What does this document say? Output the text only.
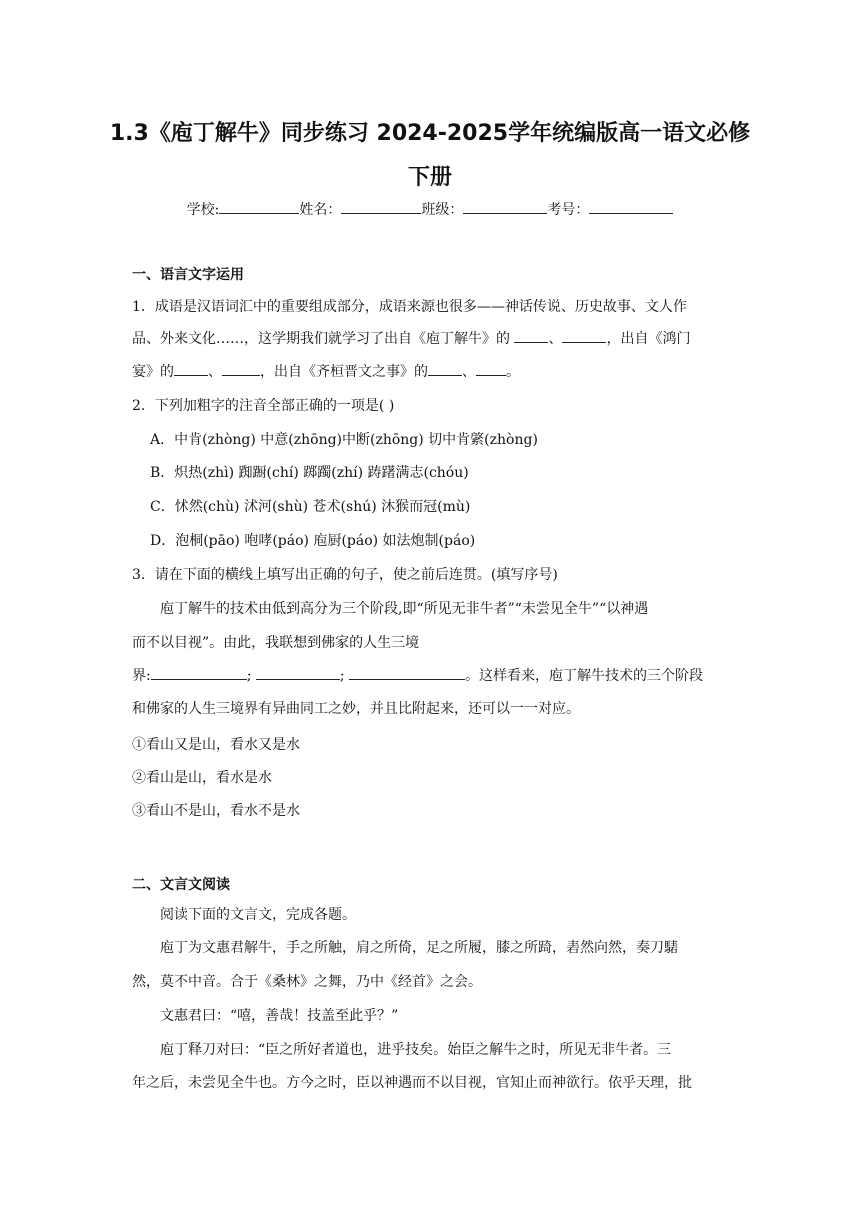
1.3《庖丁解牛》同步练习 2024-2025学年统编版高一语文必修
下册
学校:	姓名：	班级：	考号：
一、语言文字运用
1．成语是汉语词汇中的重要组成部分，成语来源也很多——神话传说、历史故事、文人作
品、外来文化……，这学期我们就学习了出自《庖丁解牛》的 、	，出自《鸿门
宴》的 、	，出自《齐桓晋文之事》的 、 。
2．下列加粗字的注音全部正确的一项是( )
A．中肯(zhòng) 中意(zhōng)中断(zhōng) 切中肯綮(zhòng)
B．炽热(zhì) 踟蹰(chí) 踯躅(zhí) 踌躇满志(chóu)
C．怵然(chù) 沭河(shù) 苍术(shú) 沐猴而冠(mù)
D．泡桐(pāo) 咆哮(páo) 庖厨(páo) 如法炮制(páo)
3．请在下面的横线上填写出正确的句子，使之前后连贯。(填写序号)
庖丁解牛的技术由低到高分为三个阶段,即“所见无非牛者”“未尝见全牛”“以神遇
而不以目视”。由此，我联想到佛家的人生三境
界:	;	;	。这样看来，庖丁解牛技术的三个阶段
和佛家的人生三境界有异曲同工之妙，并且比附起来，还可以一一对应。
①看山又是山，看水又是水
②看山是山，看水是水
③看山不是山，看水不是水
二、文言文阅读
阅读下面的文言文，完成各题。
庖丁为文惠君解牛，手之所触，肩之所倚，足之所履，膝之所踦，砉然向然，奏刀騞
然，莫不中音。合于《桑林》之舞，乃中《经首》之会。
文惠君曰：“嘻，善哉！技盖至此乎？”
庖丁释刀对曰：“臣之所好者道也，进乎技矣。始臣之解牛之时，所见无非牛者。三
年之后，未尝见全牛也。方今之时，臣以神遇而不以目视，官知止而神欲行。依乎天理，批
